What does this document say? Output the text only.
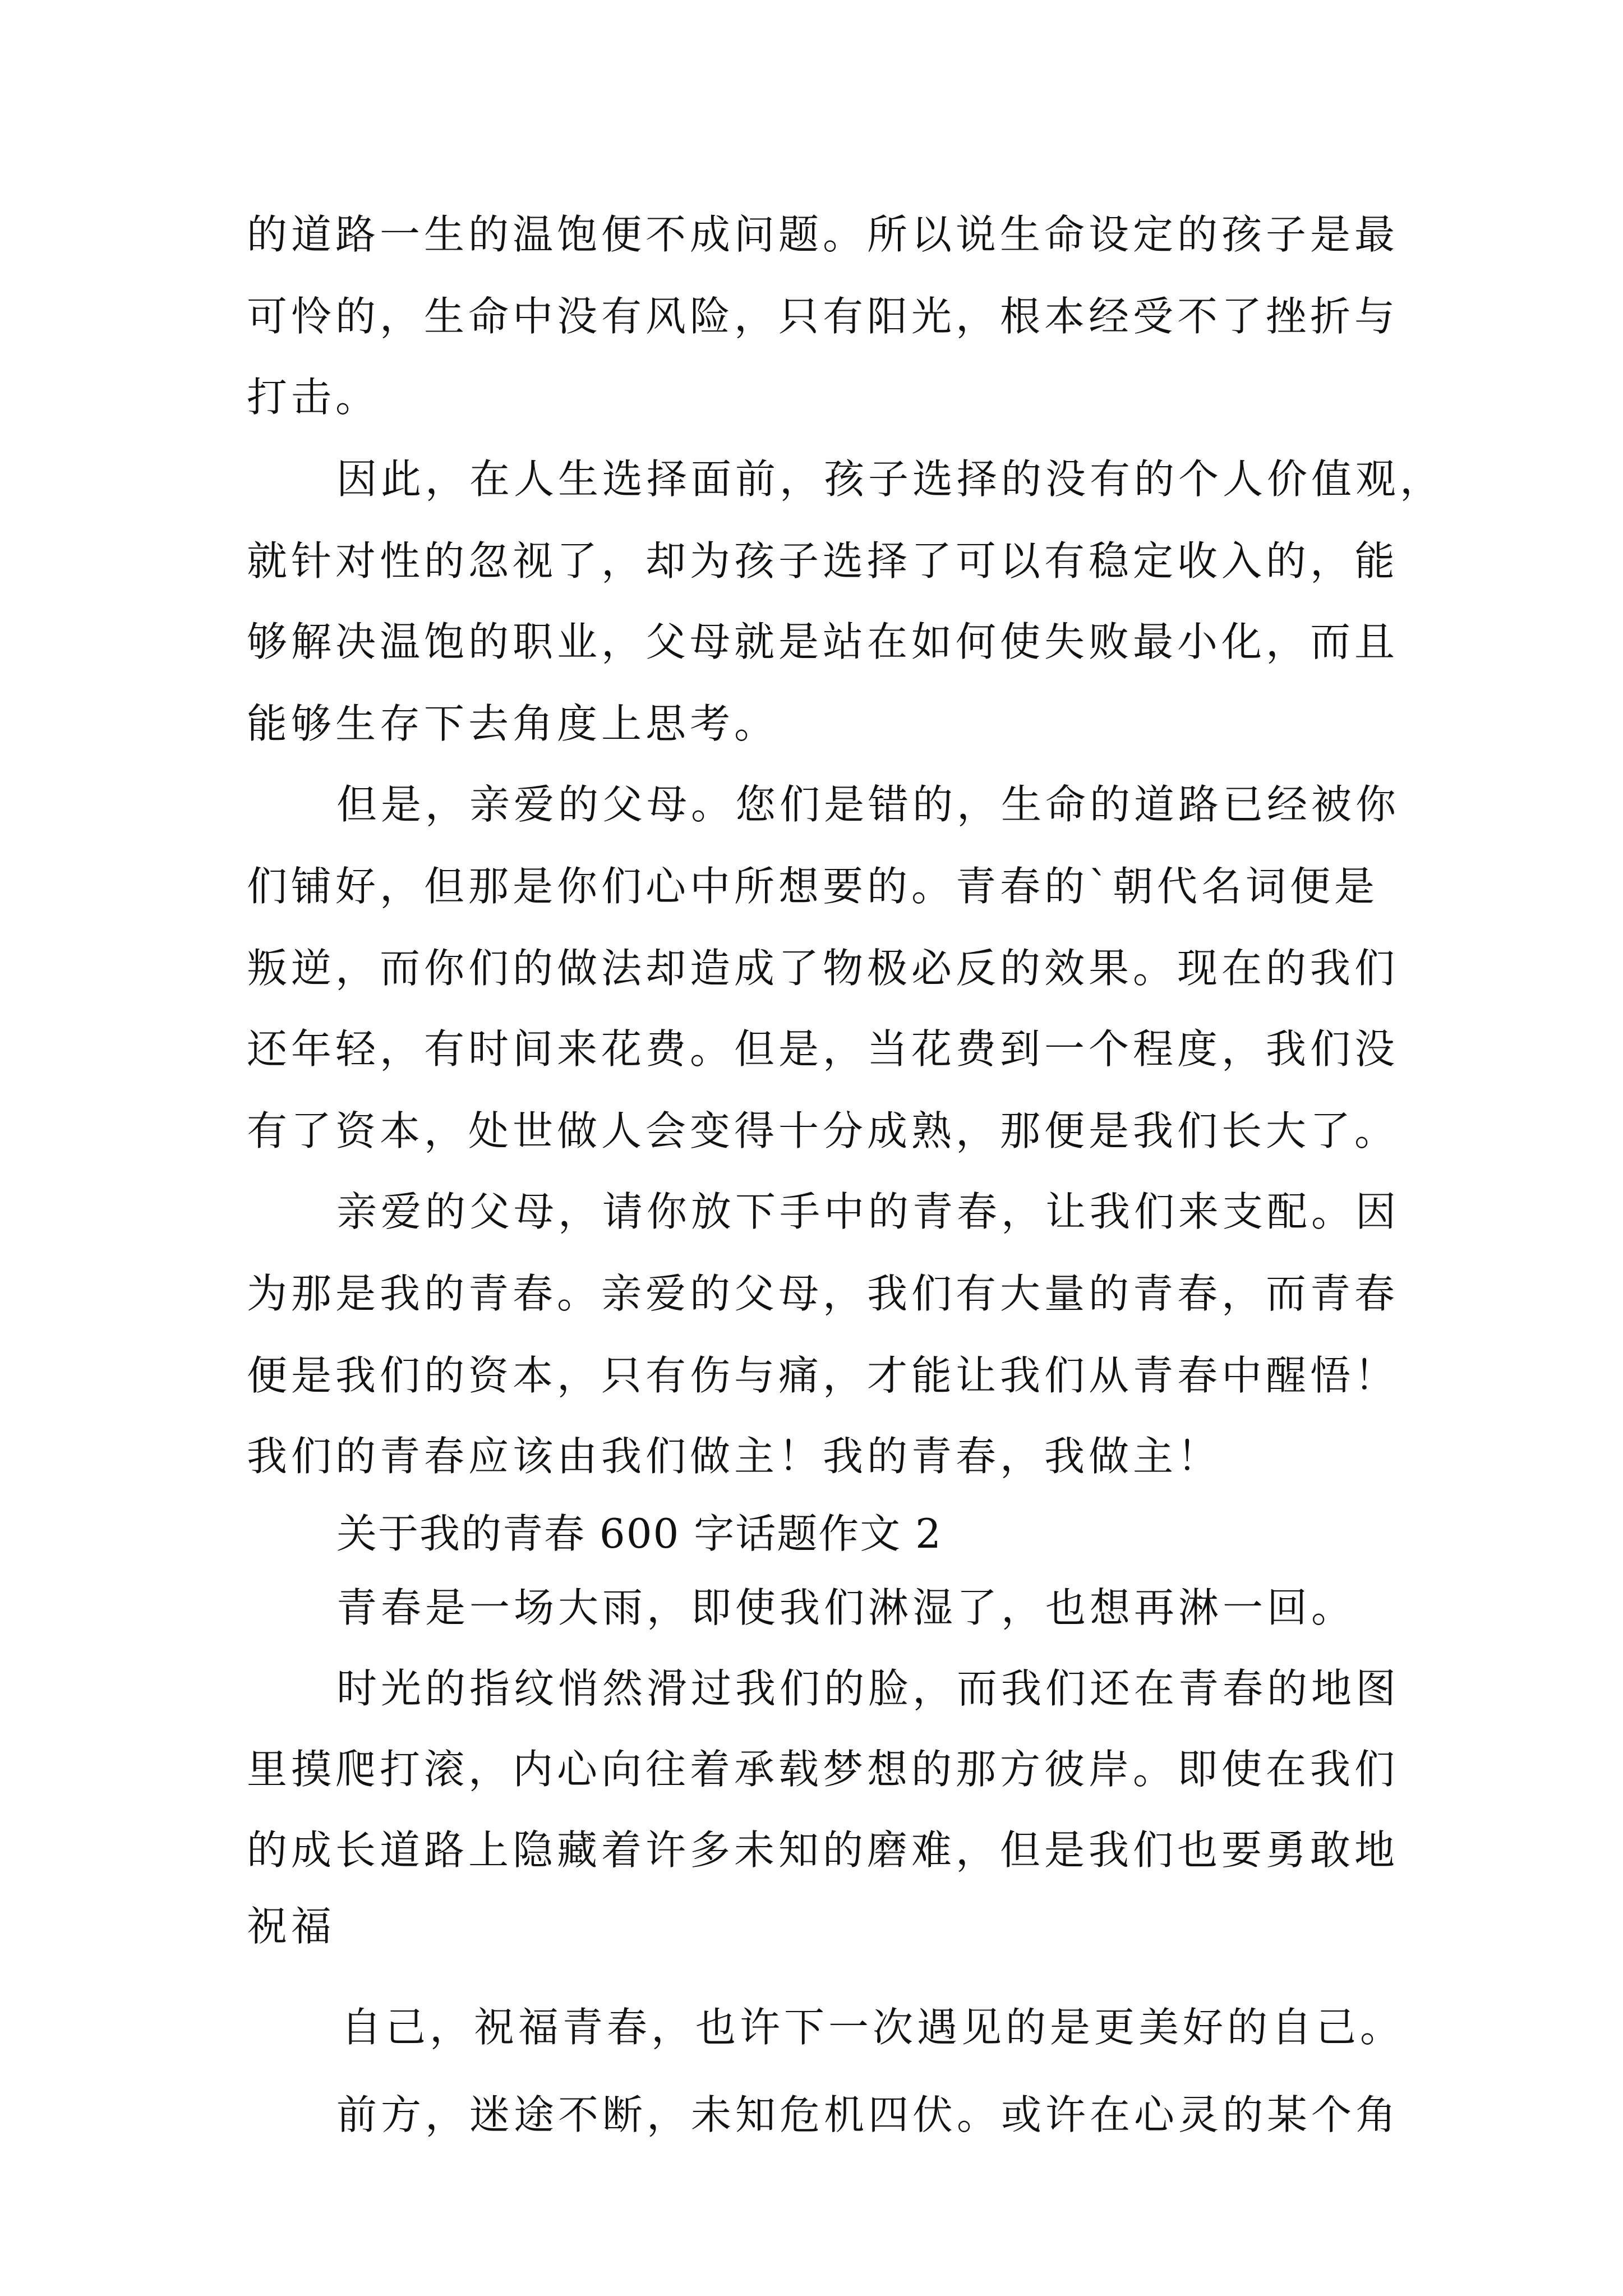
的道路一生的温饱便不成问题。所以说生命设定的孩子是最

可怜的，生命中没有风险，只有阳光，根本经受不了挫折与

打击。

因此，在人生选择面前，孩子选择的没有的个人价值观，

就针对性的忽视了，却为孩子选择了可以有稳定收入的，能

够解决温饱的职业，父母就是站在如何使失败最小化，而且

能够生存下去角度上思考。

但是，亲爱的父母。您们是错的，生命的道路已经被你

们铺好，但那是你们心中所想要的。青春的`朝代名词便是

叛逆，而你们的做法却造成了物极必反的效果。现在的我们

还年轻，有时间来花费。但是，当花费到一个程度，我们没

有了资本，处世做人会变得十分成熟，那便是我们长大了。

亲爱的父母，请你放下手中的青春，让我们来支配。因

为那是我的青春。亲爱的父母，我们有大量的青春，而青春

便是我们的资本，只有伤与痛，才能让我们从青春中醒悟！

我们的青春应该由我们做主！我的青春，我做主！

关于我的青春 600 字话题作文 2

青春是一场大雨，即使我们淋湿了，也想再淋一回。

时光的指纹悄然滑过我们的脸，而我们还在青春的地图

里摸爬打滚，内心向往着承载梦想的那方彼岸。即使在我们

的成长道路上隐藏着许多未知的磨难，但是我们也要勇敢地

祝福

自己，祝福青春，也许下一次遇见的是更美好的自己。

前方，迷途不断，未知危机四伏。或许在心灵的某个角
